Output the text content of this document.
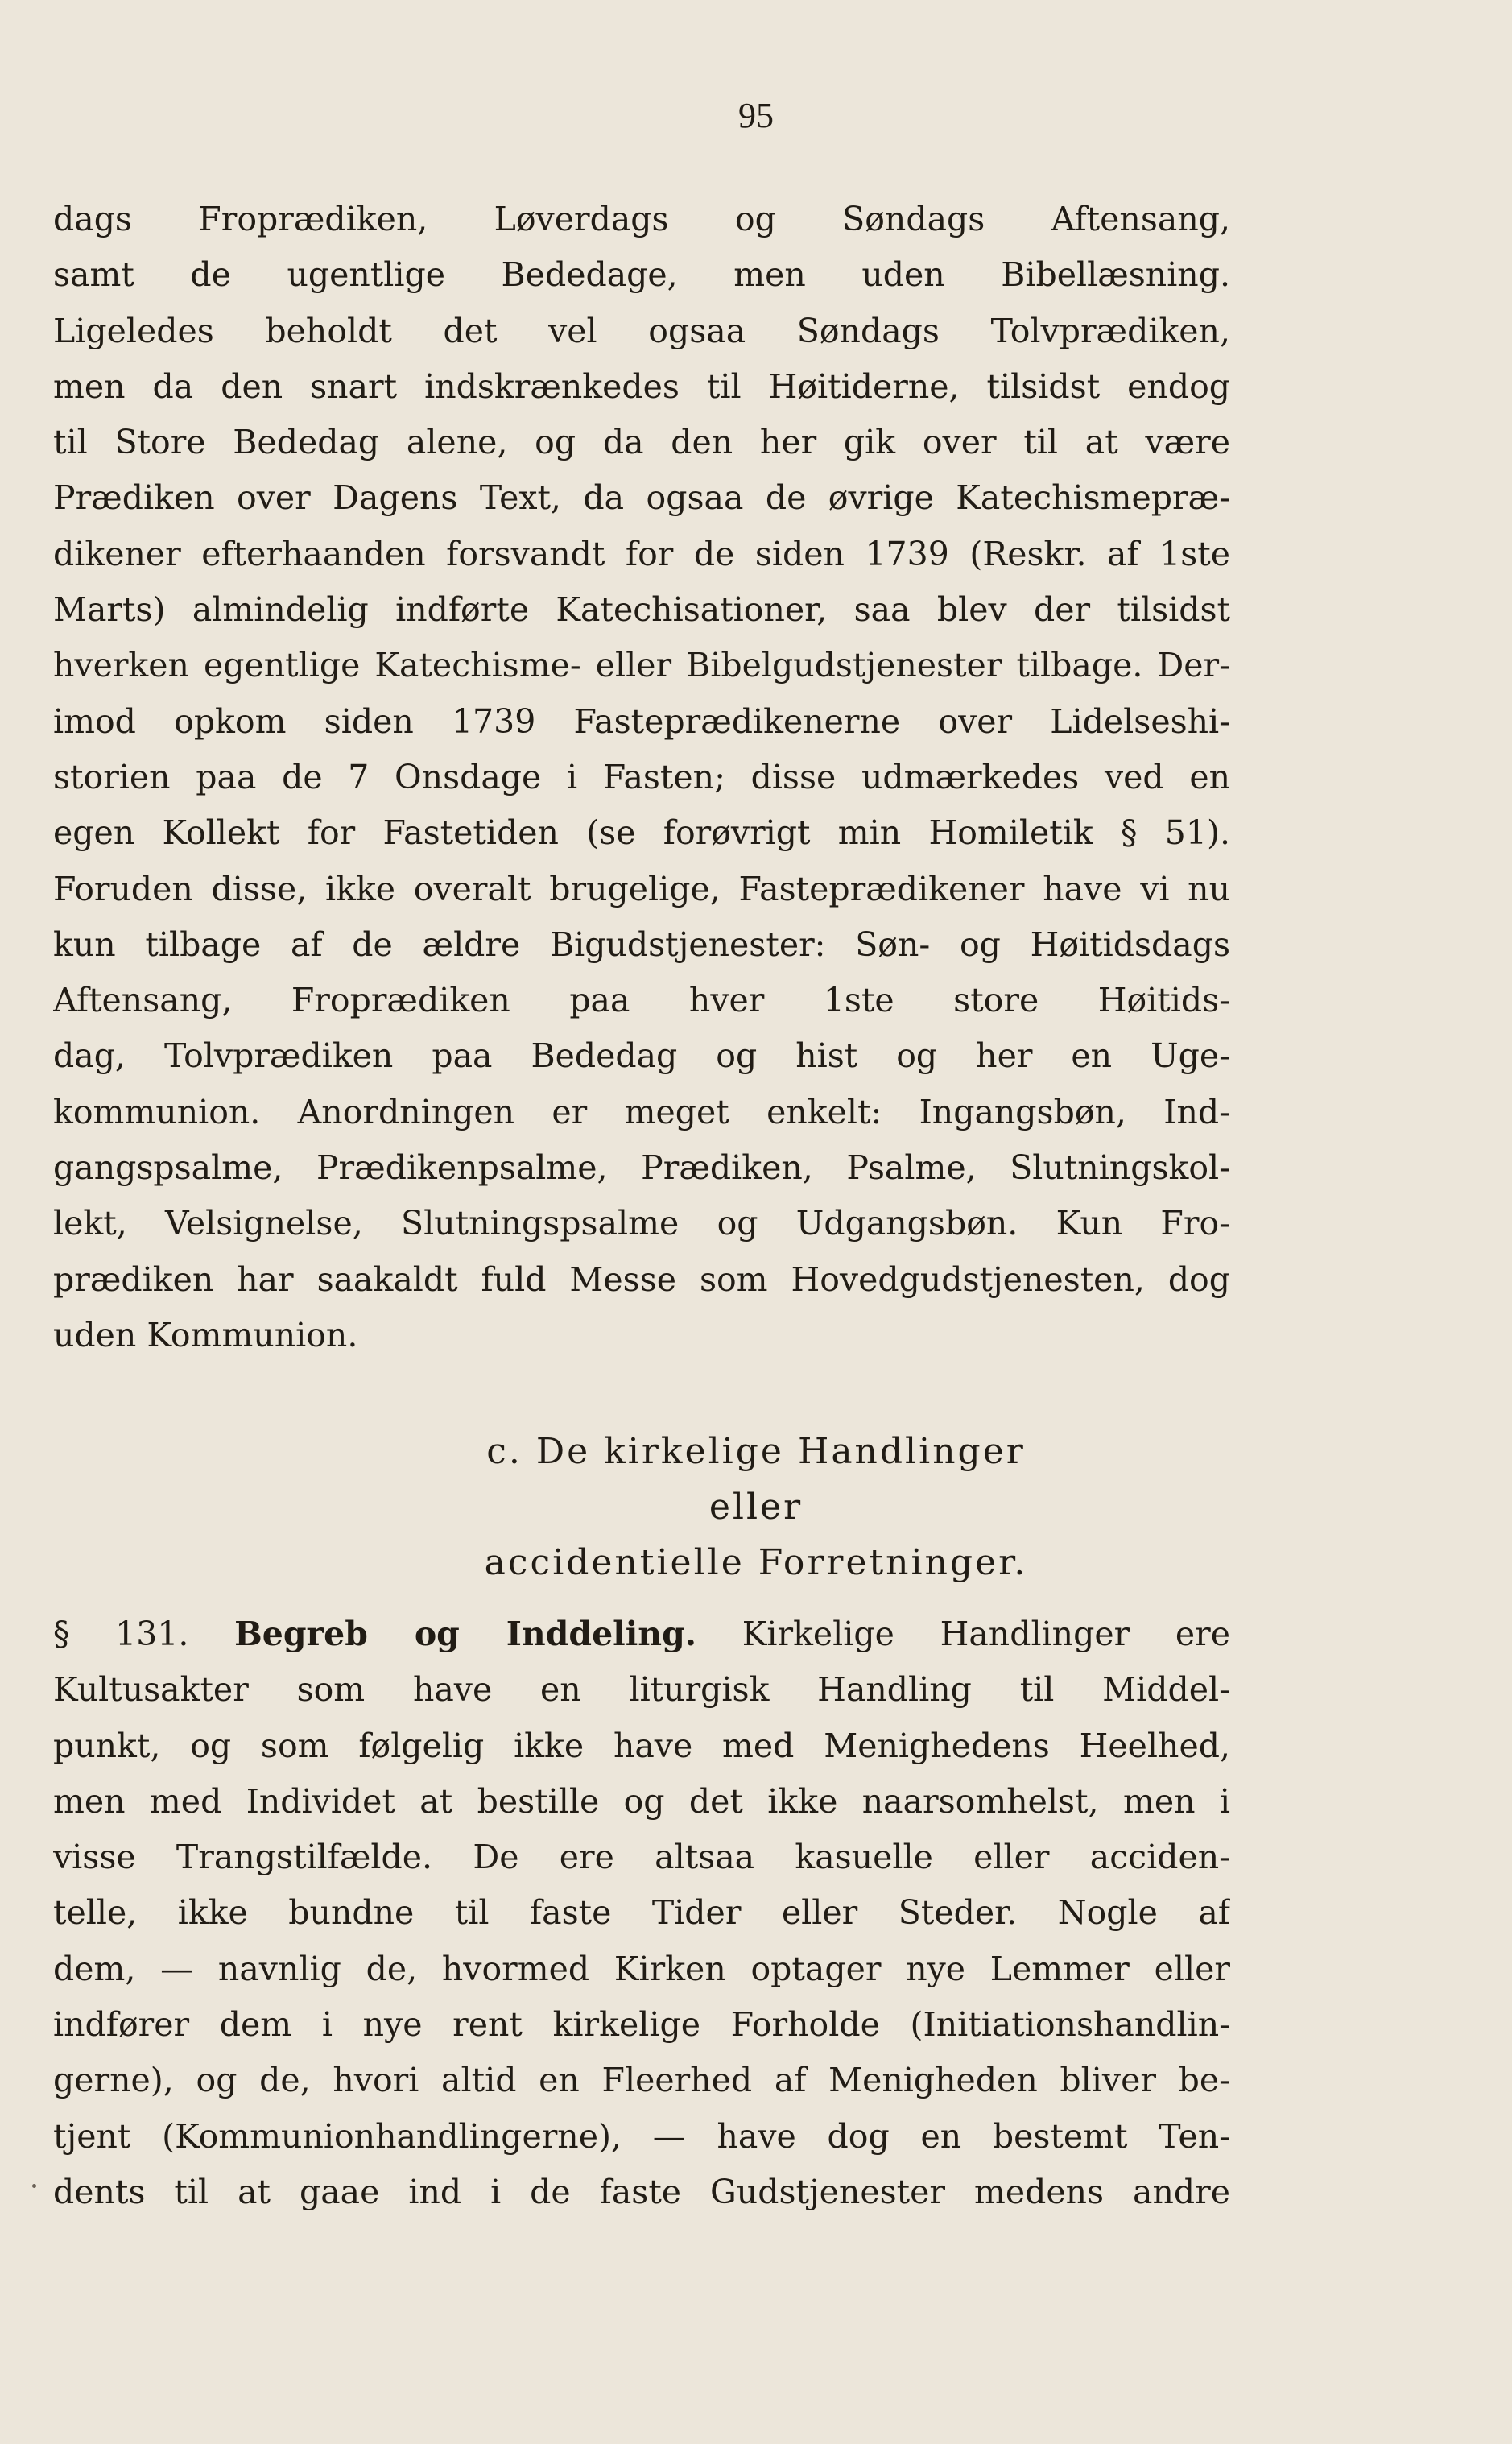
95
dags Froprædiken, Løverdags og Søndags Aftensang,
samt de ugentlige Bededage, men uden Bibellæsning.
Ligeledes beholdt det vel ogsaa Søndags Tolvprædiken,
men da den snart indskrænkedes til Høitiderne, tilsidst endog
til Store Bededag alene, og da den her gik over til at være
Prædiken over Dagens Text, da ogsaa de øvrige Katechismepræ-
dikener efterhaanden forsvandt for de siden 1739 (Reskr. af 1ste
Marts) almindelig indførte Katechisationer, saa blev der tilsidst
hverken egentlige Katechisme- eller Bibelgudstjenester tilbage. Der-
imod opkom siden 1739 Fasteprædikenerne over Lidelseshi-
storien paa de 7 Onsdage i Fasten; disse udmærkedes ved en
egen Kollekt for Fastetiden (se forøvrigt min Homiletik § 51).
Foruden disse, ikke overalt brugelige, Fasteprædikener have vi nu
kun tilbage af de ældre Bigudstjenester: Søn- og Høitidsdags
Aftensang, Froprædiken paa hver 1ste store Høitids-
dag, Tolvprædiken paa Bededag og hist og her en Uge-
kommunion. Anordningen er meget enkelt: Ingangsbøn, Ind-
gangspsalme, Prædikenpsalme, Prædiken, Psalme, Slutningskol-
lekt, Velsignelse, Slutningspsalme og Udgangsbøn. Kun Fro-
prædiken har saakaldt fuld Messe som Hovedgudstjenesten, dog
uden Kommunion.
c. De kirkelige Handlinger
eller
accidentielle Forretninger.
§ 131. Begreb og Inddeling. Kirkelige Handlinger ere
Kultusakter som have en liturgisk Handling til Middel-
punkt, og som følgelig ikke have med Menighedens Heelhed,
men med Individet at bestille og det ikke naarsomhelst, men i
visse Trangstilfælde. De ere altsaa kasuelle eller acciden-
telle, ikke bundne til faste Tider eller Steder. Nogle af
dem, — navnlig de, hvormed Kirken optager nye Lemmer eller
indfører dem i nye rent kirkelige Forholde (Initiationshandlin-
gerne), og de, hvori altid en Fleerhed af Menigheden bliver be-
tjent (Kommunionhandlingerne), — have dog en bestemt Ten-
dents til at gaae ind i de faste Gudstjenester medens andre
